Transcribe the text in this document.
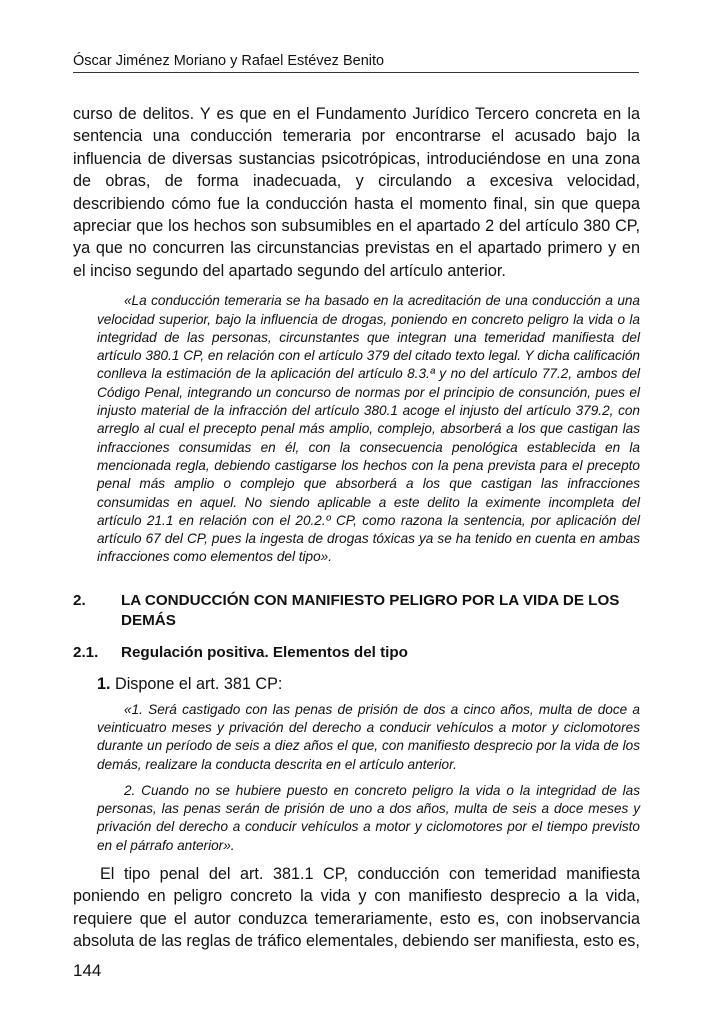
Óscar Jiménez Moriano y Rafael Estévez Benito

curso de delitos. Y es que en el Fundamento Jurídico Tercero concreta en la sentencia una conducción temeraria por encontrarse el acusado bajo la influencia de diversas sustancias psicotrópicas, introduciéndose en una zona de obras, de forma inadecuada, y circulando a excesiva velocidad, describiendo cómo fue la conducción hasta el momento final, sin que quepa apreciar que los hechos son subsumibles en el apartado 2 del artículo 380 CP, ya que no concurren las circunstancias previstas en el apartado primero y en el inciso segundo del apartado segundo del artículo anterior.

«La conducción temeraria se ha basado en la acreditación de una conducción a una velocidad superior, bajo la influencia de drogas, poniendo en concreto peligro la vida o la integridad de las personas, circunstantes que integran una temeridad manifiesta del artículo 380.1 CP, en relación con el artículo 379 del citado texto legal. Y dicha calificación conlleva la estimación de la aplicación del artículo 8.3.ª y no del artículo 77.2, ambos del Código Penal, integrando un concurso de normas por el principio de consunción, pues el injusto material de la infracción del artículo 380.1 acoge el injusto del artículo 379.2, con arreglo al cual el precepto penal más amplio, complejo, absorberá a los que castigan las infracciones consumidas en él, con la consecuencia penológica establecida en la mencionada regla, debiendo castigarse los hechos con la pena prevista para el precepto penal más amplio o complejo que absorberá a los que castigan las infracciones consumidas en aquel. No siendo aplicable a este delito la eximente incompleta del artículo 21.1 en relación con el 20.2.º CP, como razona la sentencia, por aplicación del artículo 67 del CP, pues la ingesta de drogas tóxicas ya se ha tenido en cuenta en ambas infracciones como elementos del tipo».

2.	LA CONDUCCIÓN CON MANIFIESTO PELIGRO POR LA VIDA DE LOS DEMÁS
2.1.	Regulación positiva. Elementos del tipo
1. Dispone el art. 381 CP:

«1. Será castigado con las penas de prisión de dos a cinco años, multa de doce a veinticuatro meses y privación del derecho a conducir vehículos a motor y ciclomotores durante un período de seis a diez años el que, con manifiesto desprecio por la vida de los demás, realizare la conducta descrita en el artículo anterior.

2. Cuando no se hubiere puesto en concreto peligro la vida o la integridad de las personas, las penas serán de prisión de uno a dos años, multa de seis a doce meses y privación del derecho a conducir vehículos a motor y ciclomotores por el tiempo previsto en el párrafo anterior».

El tipo penal del art. 381.1 CP, conducción con temeridad manifiesta poniendo en peligro concreto la vida y con manifiesto desprecio a la vida, requiere que el autor conduzca temerariamente, esto es, con inobservancia absoluta de las reglas de tráfico elementales, debiendo ser manifiesta, esto es,

144
